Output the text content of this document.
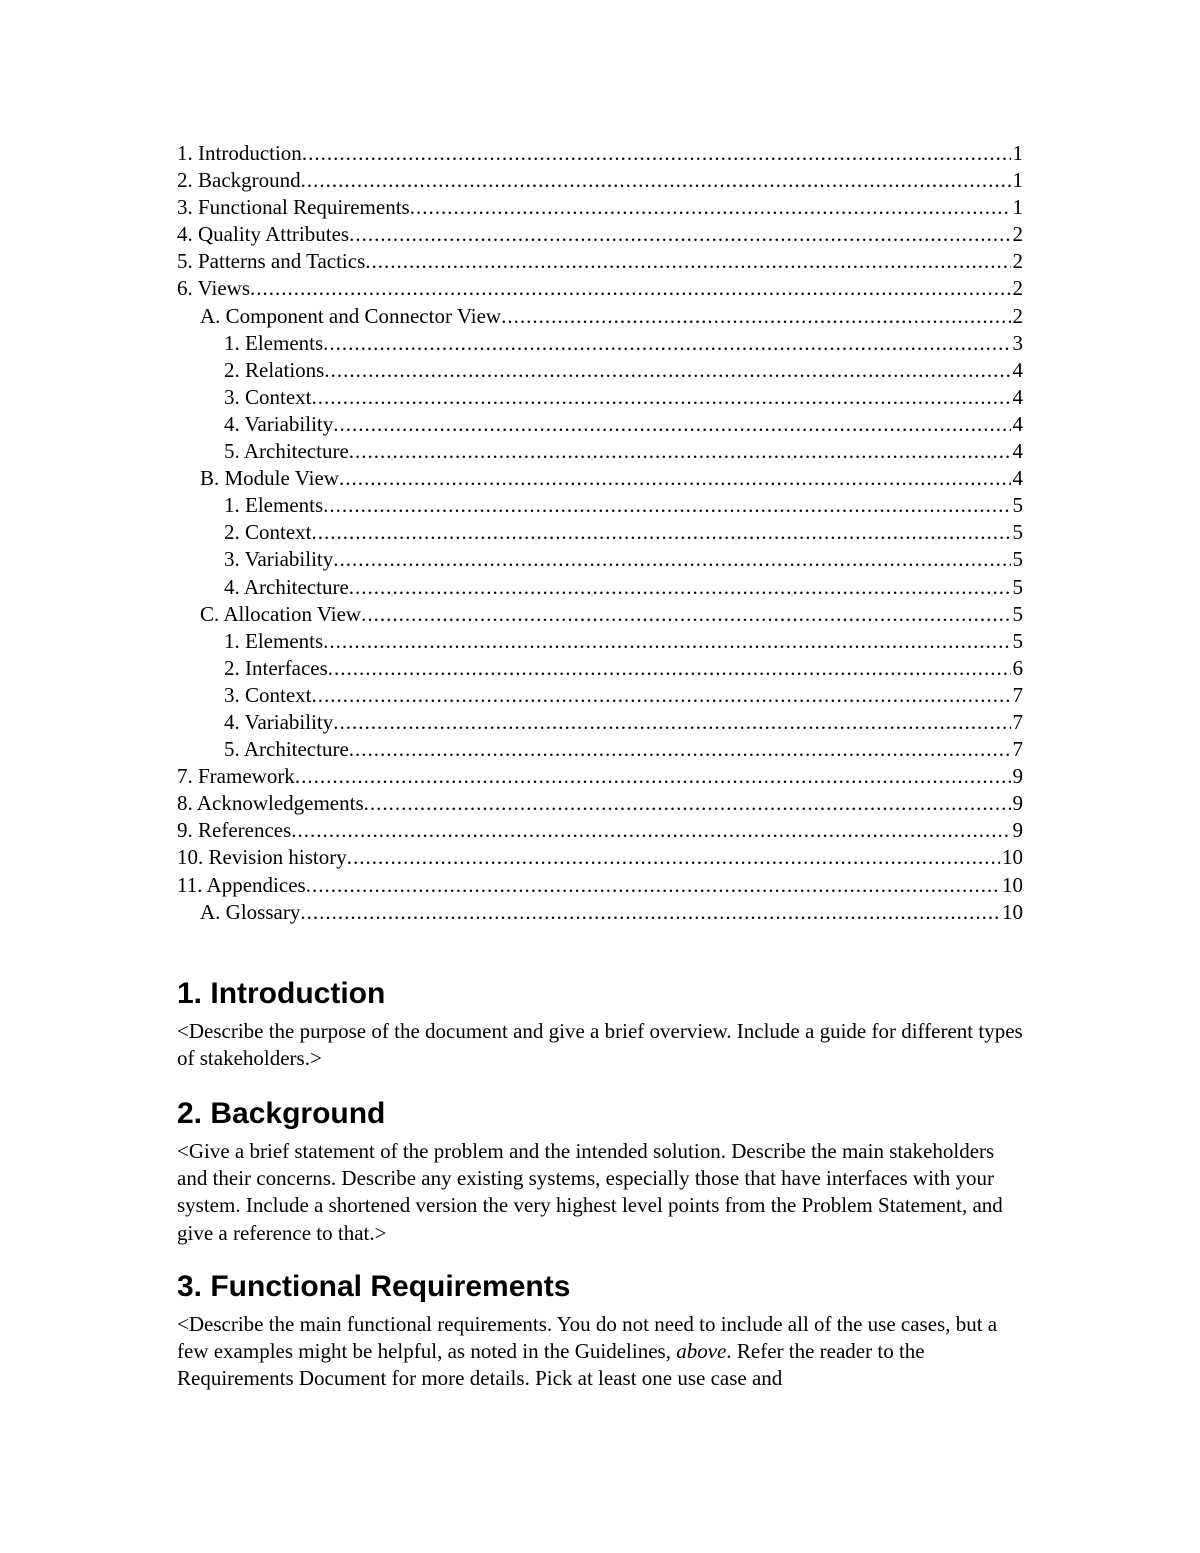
1. Introduction .....	1
2. Background .....	1
3. Functional Requirements .....	1
4. Quality Attributes .....	2
5. Patterns and Tactics .....	2
6. Views .....	2
A. Component and Connector View .....	2
1. Elements .....	3
2. Relations .....	4
3. Context .....	4
4. Variability .....	4
5. Architecture .....	4
B. Module View .....	4
1. Elements .....	5
2. Context .....	5
3. Variability .....	5
4. Architecture .....	5
C. Allocation View .....	5
1. Elements .....	5
2. Interfaces .....	6
3. Context .....	7
4. Variability .....	7
5. Architecture .....	7
7. Framework .....	9
8. Acknowledgements .....	9
9. References .....	9
10. Revision history .....	10
11. Appendices .....	10
A. Glossary .....	10
1. Introduction

<Describe the purpose of the document and give a brief overview. Include a guide for different types of stakeholders.>

2. Background

<Give a brief statement of the problem and the intended solution. Describe the main stakeholders and their concerns. Describe any existing systems, especially those that have interfaces with your system. Include a shortened version the very highest level points from the Problem Statement, and give a reference to that.>

3. Functional Requirements

<Describe the main functional requirements. You do not need to include all of the use cases, but a few examples might be helpful, as noted in the Guidelines, above. Refer the reader to the Requirements Document for more details. Pick at least one use case and
